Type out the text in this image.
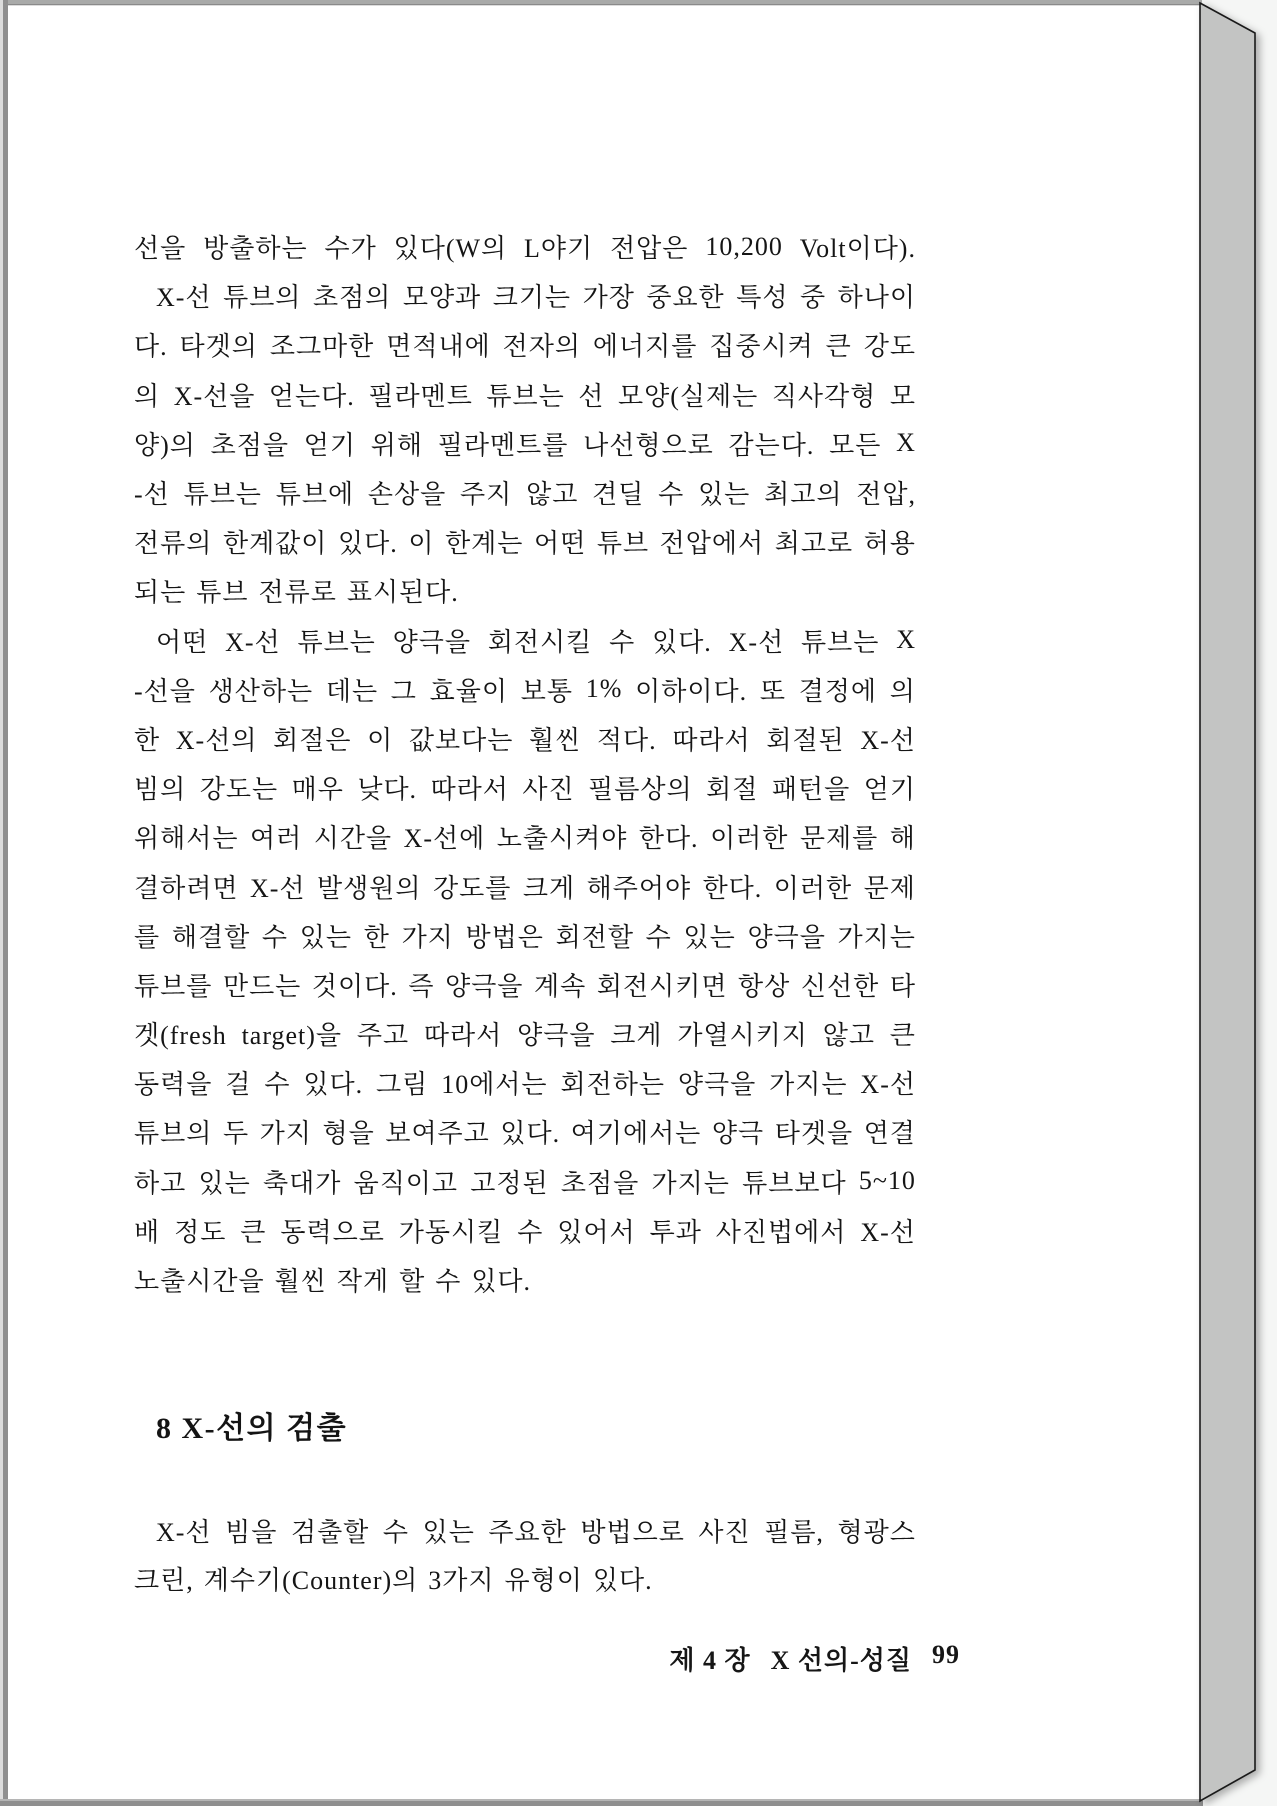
선을 방출하는 수가 있다(W의 L야기 전압은 10,200 Volt이다).
X-선 튜브의 초점의 모양과 크기는 가장 중요한 특성 중 하나이
다. 타겟의 조그마한 면적내에 전자의 에너지를 집중시켜 큰 강도
의 X-선을 얻는다. 필라멘트 튜브는 선 모양(실제는 직사각형 모
양)의 초점을 얻기 위해 필라멘트를 나선형으로 감는다. 모든 X
-선 튜브는 튜브에 손상을 주지 않고 견딜 수 있는 최고의 전압,
전류의 한계값이 있다. 이 한계는 어떤 튜브 전압에서 최고로 허용
되는 튜브 전류로 표시된다.
어떤 X-선 튜브는 양극을 회전시킬 수 있다. X-선 튜브는 X
-선을 생산하는 데는 그 효율이 보통 1% 이하이다. 또 결정에 의
한 X-선의 회절은 이 값보다는 훨씬 적다. 따라서 회절된 X-선
빔의 강도는 매우 낮다. 따라서 사진 필름상의 회절 패턴을 얻기
위해서는 여러 시간을 X-선에 노출시켜야 한다. 이러한 문제를 해
결하려면 X-선 발생원의 강도를 크게 해주어야 한다. 이러한 문제
를 해결할 수 있는 한 가지 방법은 회전할 수 있는 양극을 가지는
튜브를 만드는 것이다. 즉 양극을 계속 회전시키면 항상 신선한 타
겟(fresh target)을 주고 따라서 양극을 크게 가열시키지 않고 큰
동력을 걸 수 있다. 그림 10에서는 회전하는 양극을 가지는 X-선
튜브의 두 가지 형을 보여주고 있다. 여기에서는 양극 타겟을 연결
하고 있는 축대가 움직이고 고정된 초점을 가지는 튜브보다 5~10
배 정도 큰 동력으로 가동시킬 수 있어서 투과 사진법에서 X-선
노출시간을 훨씬 작게 할 수 있다.
8 X-선의 검출
X-선 빔을 검출할 수 있는 주요한 방법으로 사진 필름, 형광스
크린, 계수기(Counter)의 3가지 유형이 있다.
제 4 장 X 선의-성질 99
